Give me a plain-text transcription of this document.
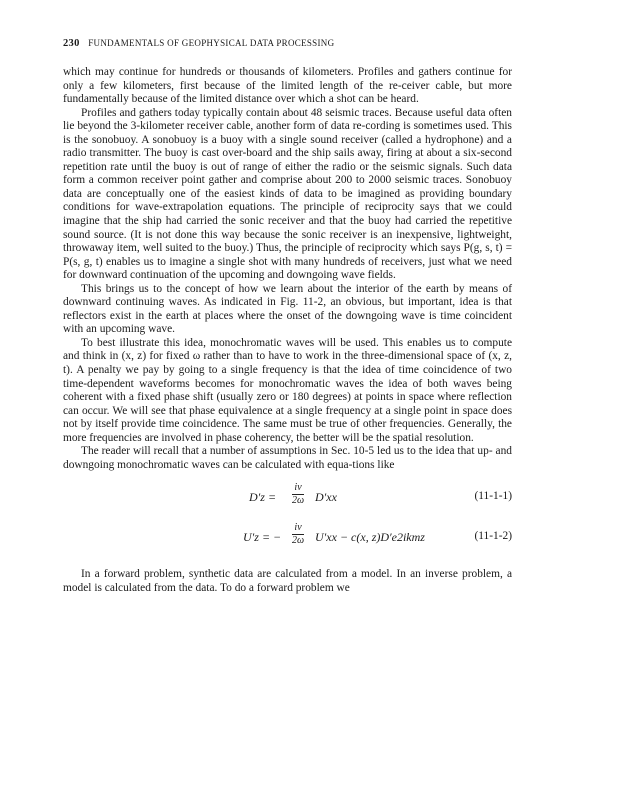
230 FUNDAMENTALS OF GEOPHYSICAL DATA PROCESSING

which may continue for hundreds or thousands of kilometers. Profiles and gathers continue for only a few kilometers, first because of the limited length of the re-ceiver cable, but more fundamentally because of the limited distance over which a shot can be heard.

Profiles and gathers today typically contain about 48 seismic traces. Because useful data often lie beyond the 3-kilometer receiver cable, another form of data re-cording is sometimes used. This is the sonobuoy. A sonobuoy is a buoy with a single sound receiver (called a hydrophone) and a radio transmitter. The buoy is cast over-board and the ship sails away, firing at about a six-second repetition rate until the buoy is out of range of either the radio or the seismic signals. Such data form a common receiver point gather and comprise about 200 to 2000 seismic traces. Sonobuoy data are conceptually one of the easiest kinds of data to be imagined as providing boundary conditions for wave-extrapolation equations. The principle of reciprocity says that we could imagine that the ship had carried the sonic receiver and that the buoy had carried the repetitive sound source. (It is not done this way because the sonic receiver is an inexpensive, lightweight, throwaway item, well suited to the buoy.) Thus, the principle of reciprocity which says P(g, s, t) = P(s, g, t) enables us to imagine a single shot with many hundreds of receivers, just what we need for downward continuation of the upcoming and downgoing wave fields.

This brings us to the concept of how we learn about the interior of the earth by means of downward continuing waves. As indicated in Fig. 11-2, an obvious, but important, idea is that reflectors exist in the earth at places where the onset of the downgoing wave is time coincident with an upcoming wave.

To best illustrate this idea, monochromatic waves will be used. This enables us to compute and think in (x, z) for fixed ω rather than to have to work in the three-dimensional space of (x, z, t). A penalty we pay by going to a single frequency is that the idea of time coincidence of two time-dependent waveforms becomes for monochromatic waves the idea of both waves being coherent with a fixed phase shift (usually zero or 180 degrees) at points in space where reflection can occur. We will see that phase equivalence at a single frequency at a single point in space does not by itself provide time coincidence. The same must be true of other frequencies. Generally, the more frequencies are involved in phase coherency, the better will be the spatial resolution.

The reader will recall that a number of assumptions in Sec. 10-5 led us to the idea that up- and downgoing monochromatic waves can be calculated with equa-tions like

$D'z = \frac{iv}{2\omega} D'xx$	(11-1-1)
U′z = − $\frac{iv}{2\omega} U'xx - c(x$, z)D′e2ikmz	(11-1-2)

In a forward problem, synthetic data are calculated from a model. In an inverse problem, a model is calculated from the data. To do a forward problem we
